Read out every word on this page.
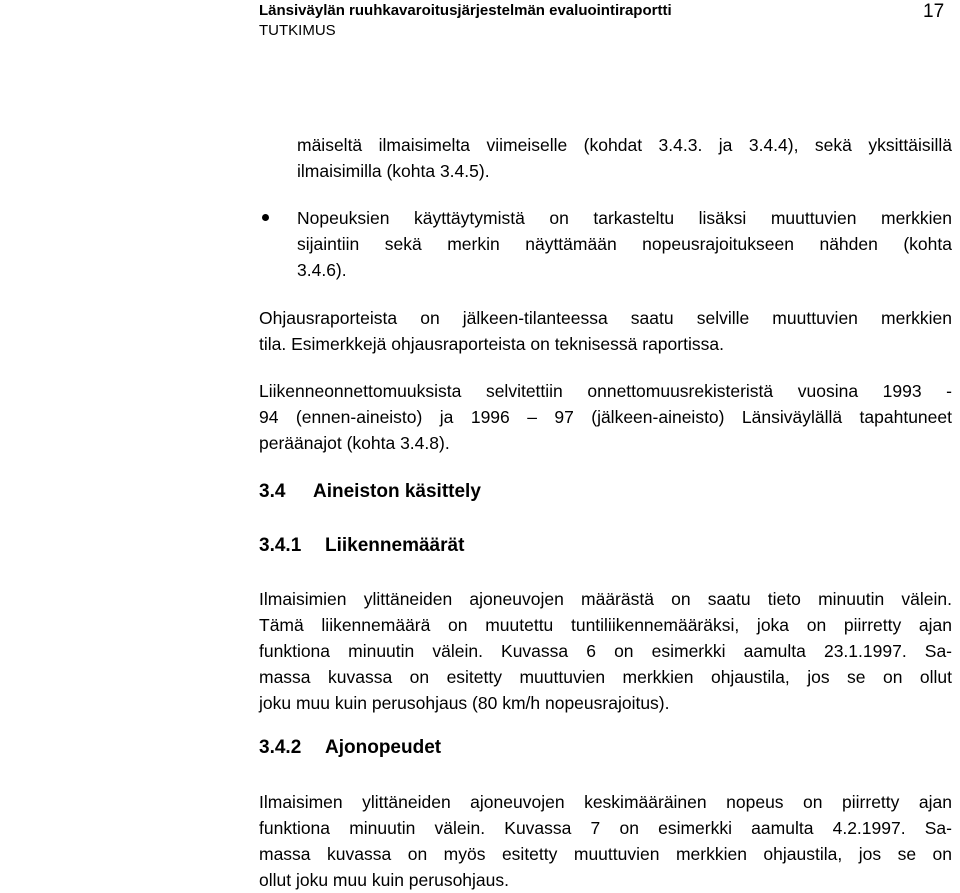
Länsiväylän ruuhkavaroitusjärjestelmän evaluointiraportti
TUTKIMUS
17
mäiseltä ilmaisimelta viimeiselle (kohdat 3.4.3. ja 3.4.4), sekä yksittäisillä
ilmaisimilla (kohta 3.4.5).
Nopeuksien käyttäytymistä on tarkasteltu lisäksi muuttuvien merkkien
sijaintiin sekä merkin näyttämään nopeusrajoitukseen nähden (kohta
3.4.6).
Ohjausraporteista on jälkeen-tilanteessa saatu selville muuttuvien merkkien
tila. Esimerkkejä ohjausraporteista on teknisessä raportissa.
Liikenneonnettomuuksista selvitettiin onnettomuusrekisteristä vuosina 1993 -
94 (ennen-aineisto) ja 1996 – 97 (jälkeen-aineisto) Länsiväylällä tapahtuneet
peräänajot (kohta 3.4.8).
3.4 Aineiston käsittely
3.4.1 Liikennemäärät
Ilmaisimien ylittäneiden ajoneuvojen määrästä on saatu tieto minuutin välein.
Tämä liikennemäärä on muutettu tuntiliikennemääräksi, joka on piirretty ajan
funktiona minuutin välein. Kuvassa 6 on esimerkki aamulta 23.1.1997. Sa-
massa kuvassa on esitetty muuttuvien merkkien ohjaustila, jos se on ollut
joku muu kuin perusohjaus (80 km/h nopeusrajoitus).
3.4.2 Ajonopeudet
Ilmaisimen ylittäneiden ajoneuvojen keskimääräinen nopeus on piirretty ajan
funktiona minuutin välein. Kuvassa 7 on esimerkki aamulta 4.2.1997. Sa-
massa kuvassa on myös esitetty muuttuvien merkkien ohjaustila, jos se on
ollut joku muu kuin perusohjaus.
